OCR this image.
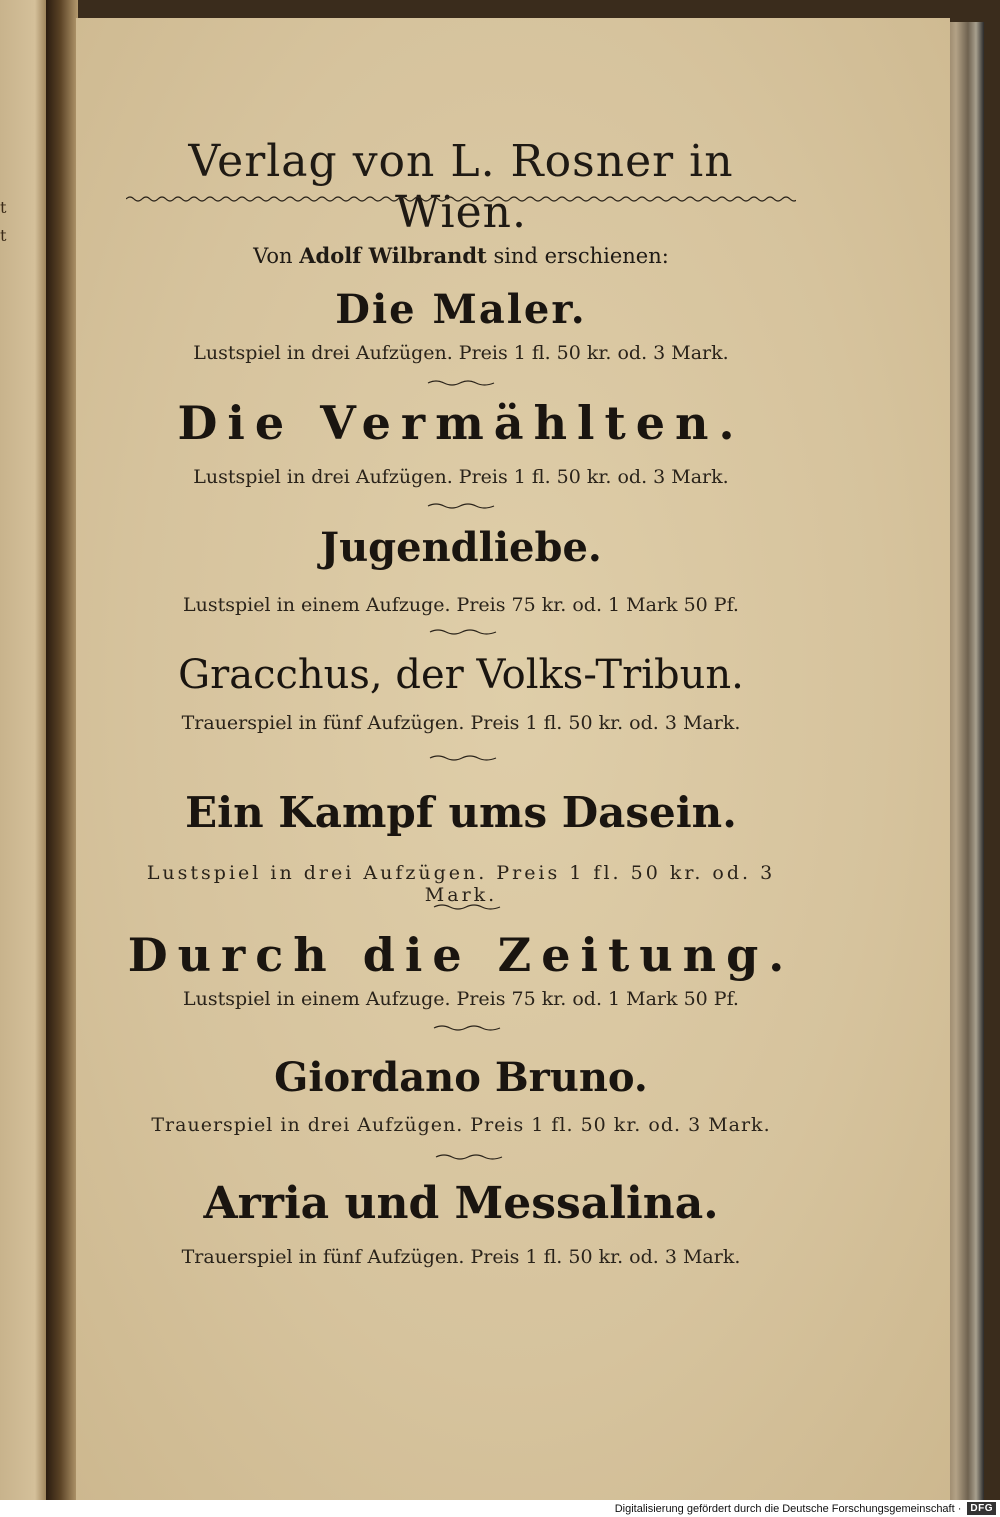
t
t
Verlag von L. Rosner in Wien.
Von Adolf Wilbrandt sind erschienen:
Die Maler.
Lustspiel in drei Aufzügen. Preis 1 fl. 50 kr. od. 3 Mark.
Die Vermählten.
Lustspiel in drei Aufzügen. Preis 1 fl. 50 kr. od. 3 Mark.
Jugendliebe.
Lustspiel in einem Aufzuge. Preis 75 kr. od. 1 Mark 50 Pf.
Gracchus, der Volks-Tribun.
Trauerspiel in fünf Aufzügen. Preis 1 fl. 50 kr. od. 3 Mark.
Ein Kampf ums Dasein.
Lustspiel in drei Aufzügen. Preis 1 fl. 50 kr. od. 3 Mark.
Durch die Zeitung.
Lustspiel in einem Aufzuge. Preis 75 kr. od. 1 Mark 50 Pf.
Giordano Bruno.
Trauerspiel in drei Aufzügen. Preis 1 fl. 50 kr. od. 3 Mark.
Arria und Messalina.
Trauerspiel in fünf Aufzügen. Preis 1 fl. 50 kr. od. 3 Mark.
Digitalisierung gefördert durch die Deutsche Forschungsgemeinschaft · DFG
